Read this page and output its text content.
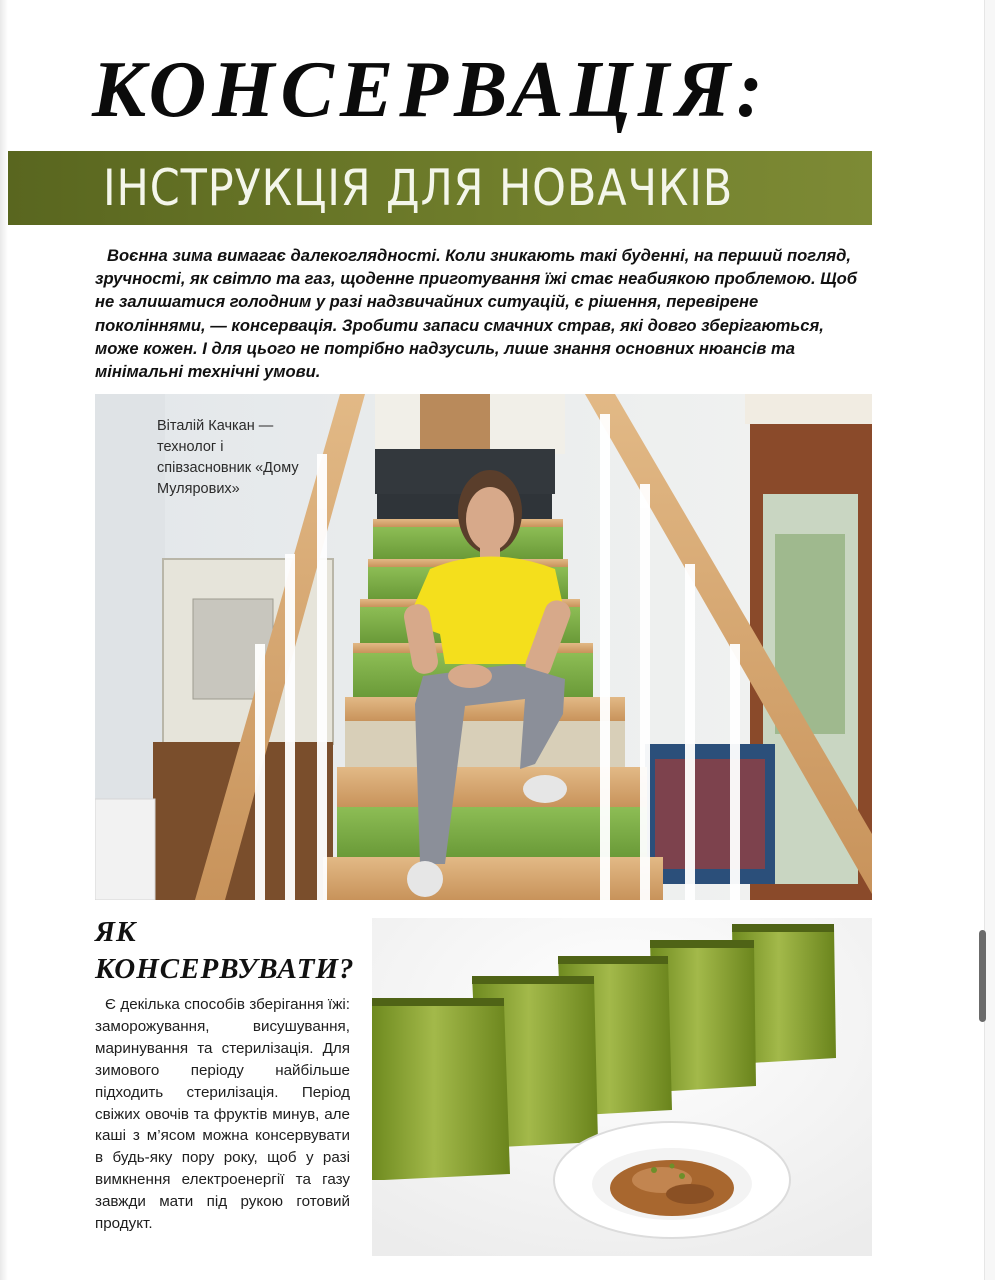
КОНСЕРВАЦІЯ:
ІНСТРУКЦІЯ ДЛЯ НОВАЧКІВ

Воєнна зима вимагає далекоглядності. Коли зникають такі буденні, на перший погляд, зручності, як світло та газ, щоденне приготування їжі стає неабиякою проблемою. Щоб не залишатися голодним у разі надзвичайних ситуацій, є рішення, перевірене поколіннями, — консервація. Зробити запаси смачних страв, які довго зберігаються, може кожен. І для цього не потрібно надзусиль, лише знання основних нюансів та мінімальні технічні умови.

Віталій Качкан — технолог і співзасновник «Дому Мулярових»
ЯК КОНСЕРВУВАТИ?

Є декілька способів зберігання їжі: заморожування, висушування, маринування та стерилізація. Для зимового періоду найбільше підходить стерилізація. Період свіжих овочів та фруктів минув, але каші з м’ясом можна консервувати в будь-яку пору року, щоб у разі вимкнення електроенергії та газу завжди мати під рукою готовий продукт.
